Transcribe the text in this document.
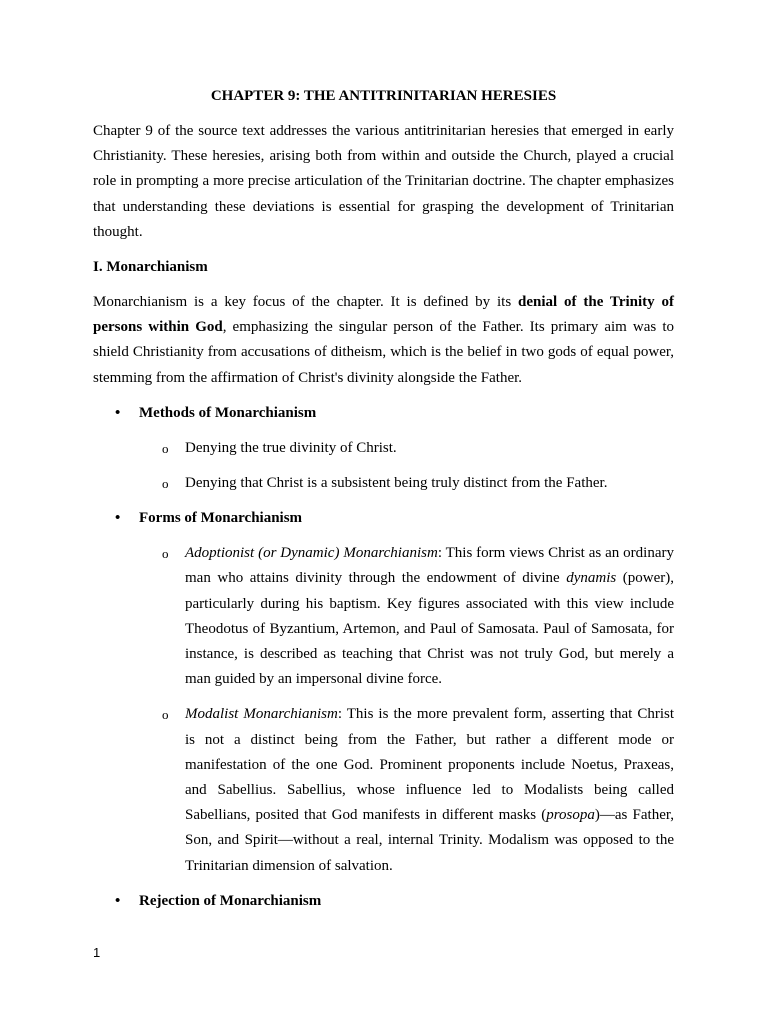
CHAPTER 9: THE ANTITRINITARIAN HERESIES

Chapter 9 of the source text addresses the various antitrinitarian heresies that emerged in early Christianity. These heresies, arising both from within and outside the Church, played a crucial role in prompting a more precise articulation of the Trinitarian doctrine. The chapter emphasizes that understanding these deviations is essential for grasping the development of Trinitarian thought.

I. Monarchianism

Monarchianism is a key focus of the chapter. It is defined by its denial of the Trinity of persons within God, emphasizing the singular person of the Father. Its primary aim was to shield Christianity from accusations of ditheism, which is the belief in two gods of equal power, stemming from the affirmation of Christ's divinity alongside the Father.

• Methods of Monarchianism
o Denying the true divinity of Christ.
o Denying that Christ is a subsistent being truly distinct from the Father.
• Forms of Monarchianism
o Adoptionist (or Dynamic) Monarchianism: This form views Christ as an ordinary man who attains divinity through the endowment of divine dynamis (power), particularly during his baptism. Key figures associated with this view include Theodotus of Byzantium, Artemon, and Paul of Samosata. Paul of Samosata, for instance, is described as teaching that Christ was not truly God, but merely a man guided by an impersonal divine force.
o Modalist Monarchianism: This is the more prevalent form, asserting that Christ is not a distinct being from the Father, but rather a different mode or manifestation of the one God. Prominent proponents include Noetus, Praxeas, and Sabellius. Sabellius, whose influence led to Modalists being called Sabellians, posited that God manifests in different masks (prosopa)—as Father, Son, and Spirit—without a real, internal Trinity. Modalism was opposed to the Trinitarian dimension of salvation.
• Rejection of Monarchianism
1
